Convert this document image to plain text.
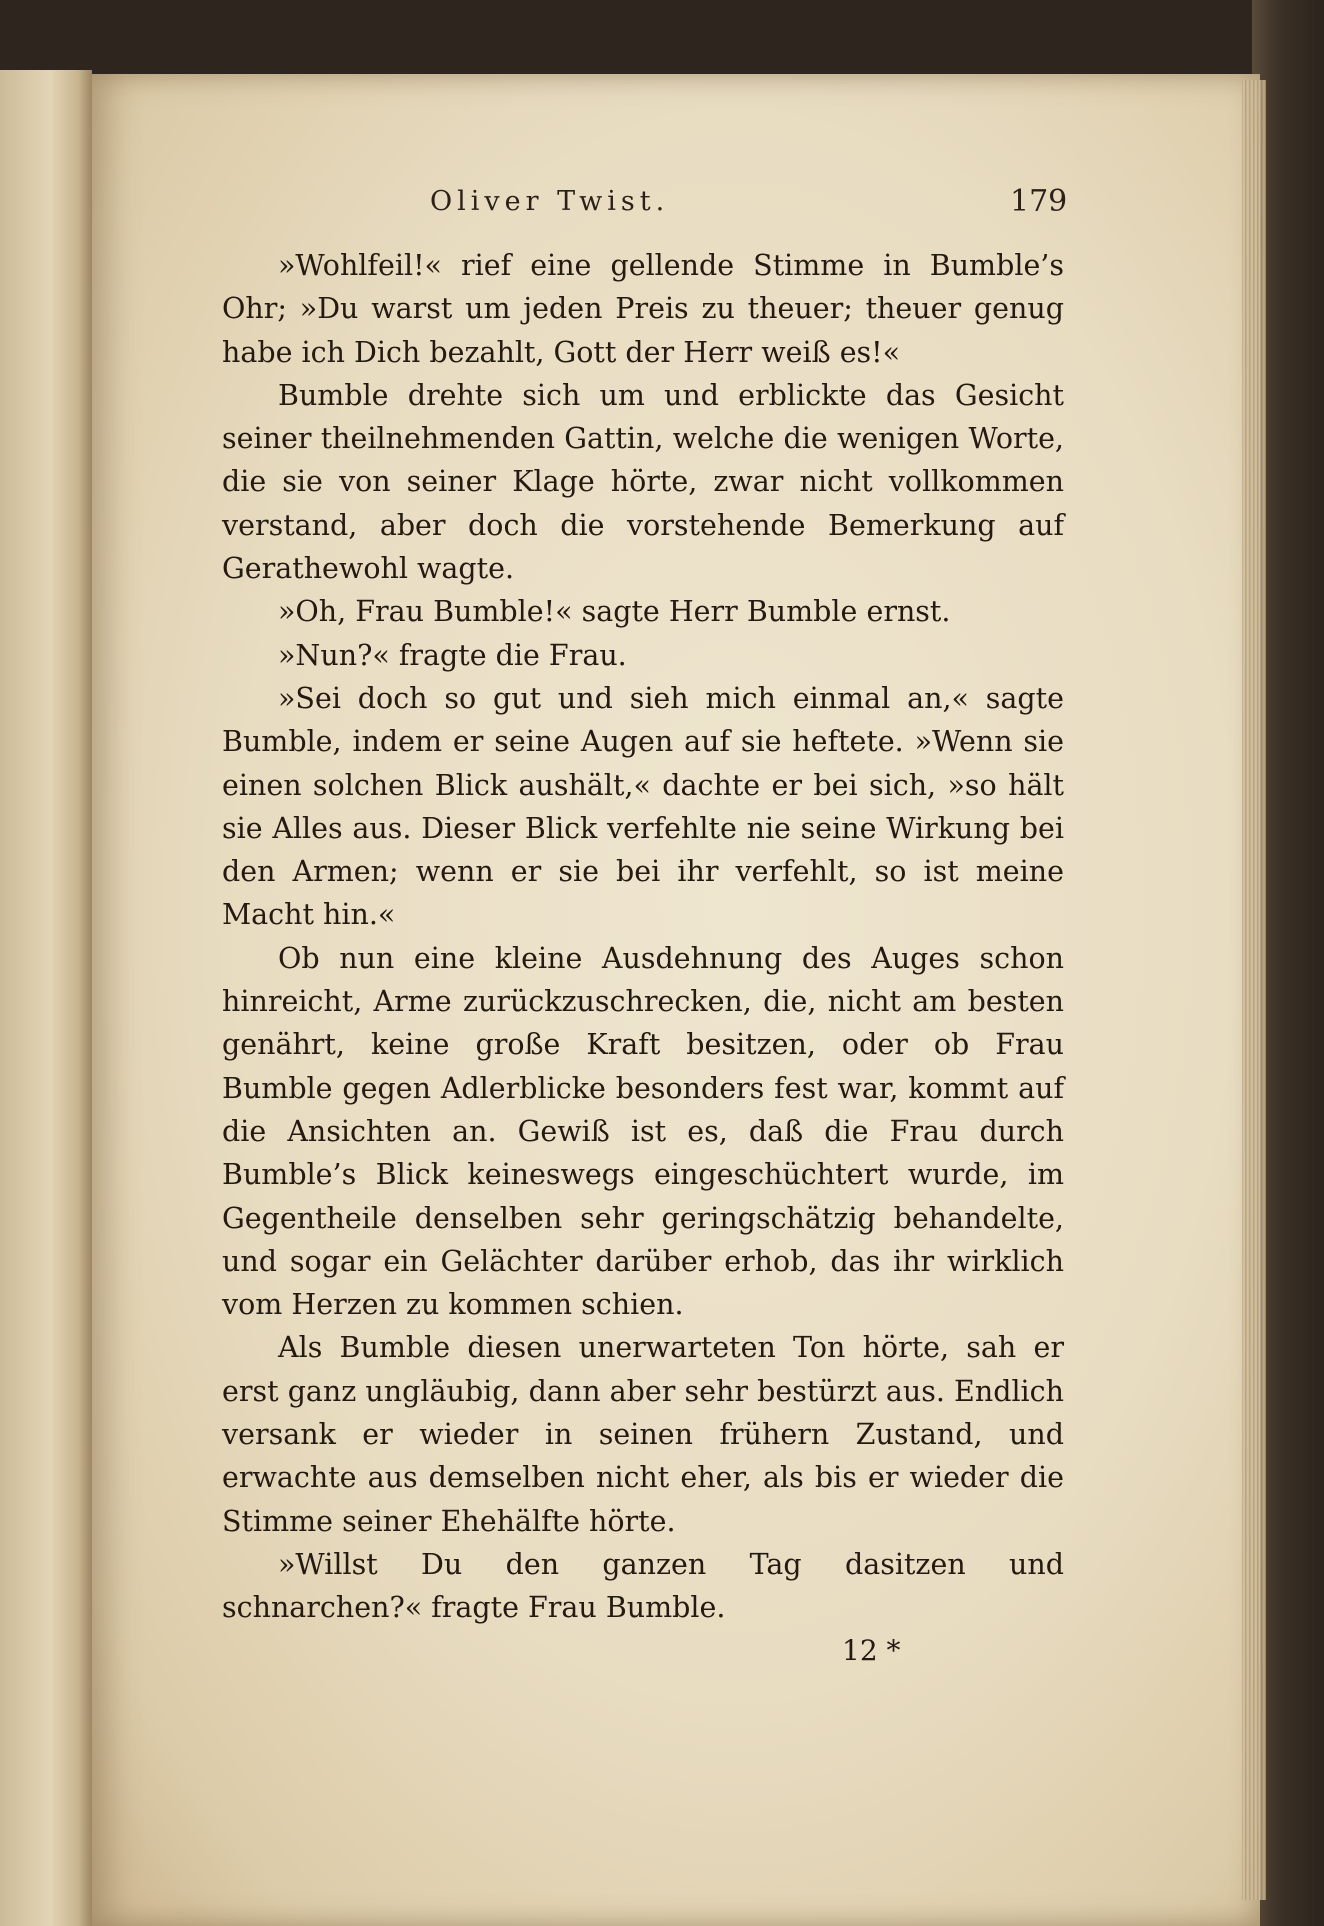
Oliver Twist.	179

»Wohlfeil!« rief eine gellende Stimme in Bumble’s Ohr; »Du warst um jeden Preis zu theuer; theuer genug habe ich Dich bezahlt, Gott der Herr weiß es!«

Bumble drehte sich um und erblickte das Gesicht seiner theilnehmenden Gattin, welche die wenigen Worte, die sie von seiner Klage hörte, zwar nicht vollkommen verstand, aber doch die vorstehende Bemerkung auf Gerathewohl wagte.

»Oh, Frau Bumble!« sagte Herr Bumble ernst.

»Nun?« fragte die Frau.

»Sei doch so gut und sieh mich einmal an,« sagte Bumble, indem er seine Augen auf sie heftete. »Wenn sie einen solchen Blick aushält,« dachte er bei sich, »so hält sie Alles aus. Dieser Blick verfehlte nie seine Wirkung bei den Armen; wenn er sie bei ihr verfehlt, so ist meine Macht hin.«

Ob nun eine kleine Ausdehnung des Auges schon hinreicht, Arme zurückzuschrecken, die, nicht am besten genährt, keine große Kraft besitzen, oder ob Frau Bumble gegen Adlerblicke besonders fest war, kommt auf die Ansichten an. Gewiß ist es, daß die Frau durch Bumble’s Blick keineswegs eingeschüchtert wurde, im Gegentheile denselben sehr geringschätzig behandelte, und sogar ein Gelächter darüber erhob, das ihr wirklich vom Herzen zu kommen schien.

Als Bumble diesen unerwarteten Ton hörte, sah er erst ganz ungläubig, dann aber sehr bestürzt aus. Endlich versank er wieder in seinen frühern Zustand, und erwachte aus demselben nicht eher, als bis er wieder die Stimme seiner Ehehälfte hörte.

»Willst Du den ganzen Tag dasitzen und schnarchen?« fragte Frau Bumble.

12 *
